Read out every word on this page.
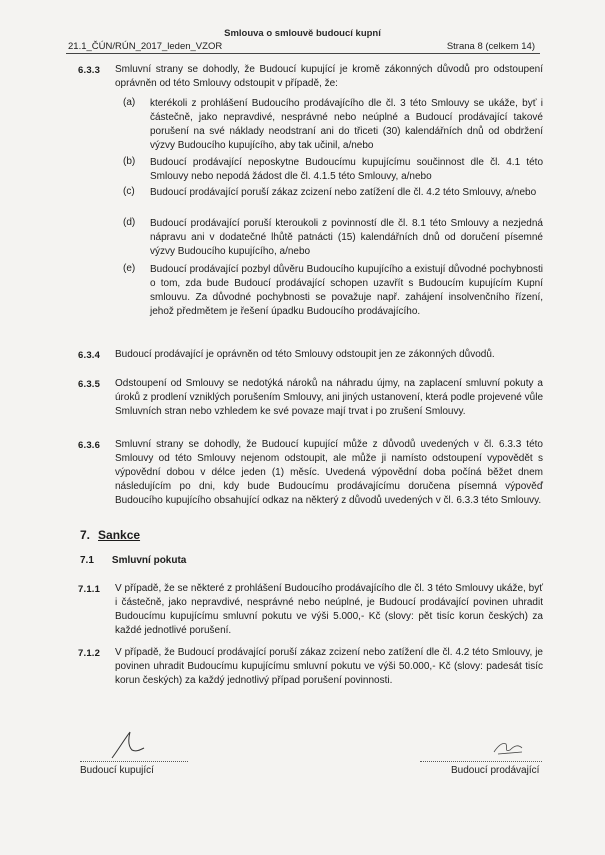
Smlouva o smlouvě budoucí kupní
21.1_ČÚN/RÚN_2017_leden_VZOR	Strana 8 (celkem 14)
6.3.3 Smluvní strany se dohodly, že Budoucí kupující je kromě zákonných důvodů pro odstoupení oprávněn od této Smlouvy odstoupit v případě, že:

(a) kterékoli z prohlášení Budoucího prodávajícího dle čl. 3 této Smlouvy se ukáže, byť i částečně, jako nepravdivé, nesprávné nebo neúplné a Budoucí prodávající takové porušení na své náklady neodstraní ani do třiceti (30) kalendářních dnů od obdržení výzvy Budoucího kupujícího, aby tak učinil, a/nebo

(b) Budoucí prodávající neposkytne Budoucímu kupujícímu součinnost dle čl. 4.1 této Smlouvy nebo nepodá žádost dle čl. 4.1.5 této Smlouvy, a/nebo

(c) Budoucí prodávající poruší zákaz zcizení nebo zatížení dle čl. 4.2 této Smlouvy, a/nebo

(d) Budoucí prodávající poruší kteroukoli z povinností dle čl. 8.1 této Smlouvy a nezjedná nápravu ani v dodatečné lhůtě patnácti (15) kalendářních dnů od doručení písemné výzvy Budoucího kupujícího, a/nebo

(e) Budoucí prodávající pozbyl důvěru Budoucího kupujícího a existují důvodné pochybnosti o tom, zda bude Budoucí prodávající schopen uzavřít s Budoucím kupujícím Kupní smlouvu. Za důvodné pochybnosti se považuje např. zahájení insolvenčního řízení, jehož předmětem je řešení úpadku Budoucího prodávajícího.

6.3.4 Budoucí prodávající je oprávněn od této Smlouvy odstoupit jen ze zákonných důvodů.

6.3.5 Odstoupení od Smlouvy se nedotýká nároků na náhradu újmy, na zaplacení smluvní pokuty a úroků z prodlení vzniklých porušením Smlouvy, ani jiných ustanovení, která podle projevené vůle Smluvních stran nebo vzhledem ke své povaze mají trvat i po zrušení Smlouvy.

6.3.6 Smluvní strany se dohodly, že Budoucí kupující může z důvodů uvedených v čl. 6.3.3 této Smlouvy od této Smlouvy nejenom odstoupit, ale může ji namísto odstoupení vypovědět s výpovědní dobou v délce jeden (1) měsíc. Uvedená výpovědní doba počíná běžet dnem následujícím po dni, kdy bude Budoucímu prodávajícímu doručena písemná výpověď Budoucího kupujícího obsahující odkaz na některý z důvodů uvedených v čl. 6.3.3 této Smlouvy.

7. Sankce
7.1 Smluvní pokuta
7.1.1 V případě, že se některé z prohlášení Budoucího prodávajícího dle čl. 3 této Smlouvy ukáže, byť i částečně, jako nepravdivé, nesprávné nebo neúplné, je Budoucí prodávající povinen uhradit Budoucímu kupujícímu smluvní pokutu ve výši 5.000,- Kč (slovy: pět tisíc korun českých) za každé jednotlivé porušení.

7.1.2 V případě, že Budoucí prodávající poruší zákaz zcizení nebo zatížení dle čl. 4.2 této Smlouvy, je povinen uhradit Budoucímu kupujícímu smluvní pokutu ve výši 50.000,- Kč (slovy: padesát tisíc korun českých) za každý jednotlivý případ porušení povinnosti.

Budoucí kupující	Budoucí prodávající
